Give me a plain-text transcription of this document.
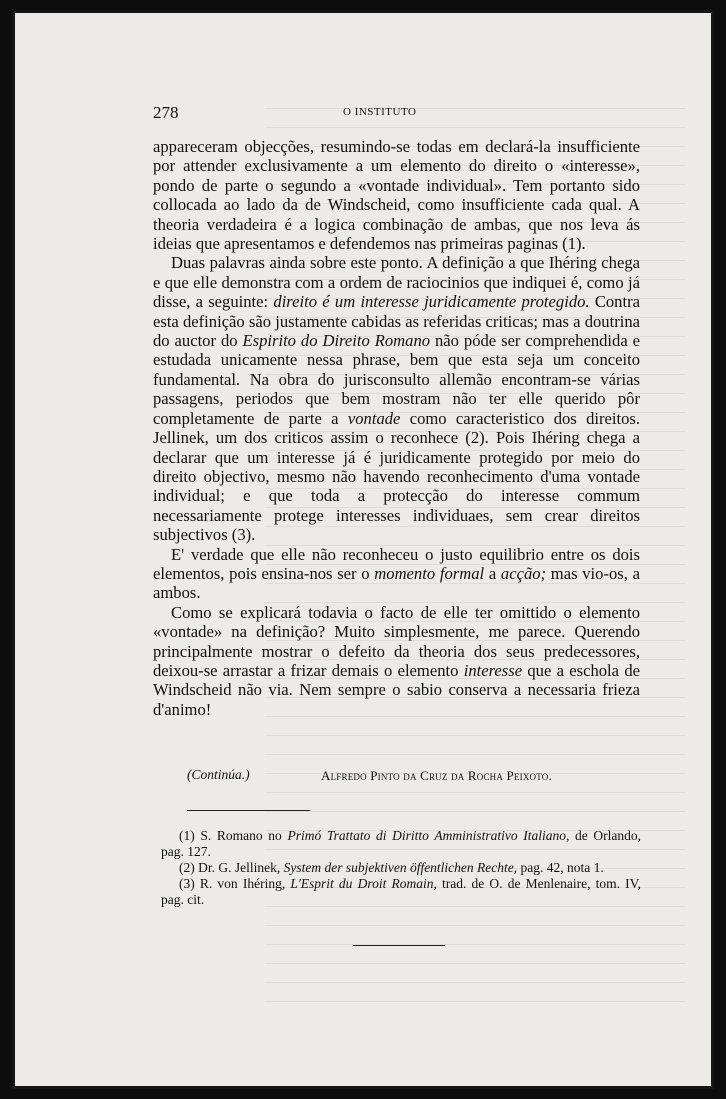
278	O INSTITUTO

appareceram objecções, resumindo-se todas em declará-la insufficiente por attender exclusivamente a um elemento do direito o «interesse», pondo de parte o segundo a «vontade individual». Tem portanto sido collocada ao lado da de Windscheid, como insufficiente cada qual. A theoria verdadeira é a logica combinação de ambas, que nos leva ás ideias que apresentamos e defendemos nas primeiras paginas (1).

Duas palavras ainda sobre este ponto. A definição a que Ihéring chega e que elle demonstra com a ordem de raciocinios que indiquei é, como já disse, a seguinte: direito é um interesse juridicamente protegido. Contra esta definição são justamente cabidas as referidas criticas; mas a doutrina do auctor do Espirito do Direito Romano não póde ser comprehendida e estudada unicamente nessa phrase, bem que esta seja um conceito fundamental. Na obra do jurisconsulto allemão encontram-se várias passagens, periodos que bem mostram não ter elle querido pôr completamente de parte a vontade como caracteristico dos direitos. Jellinek, um dos criticos assim o reconhece (2). Pois Ihéring chega a declarar que um interesse já é juridicamente protegido por meio do direito objectivo, mesmo não havendo reconhecimento d'uma vontade individual; e que toda a protecção do interesse commum necessariamente protege interesses individuaes, sem crear direitos subjectivos (3).

E' verdade que elle não reconheceu o justo equilibrio entre os dois elementos, pois ensina-nos ser o momento formal a acção; mas vio-os, a ambos.

Como se explicará todavia o facto de elle ter omittido o elemento «vontade» na definição? Muito simplesmente, me parece. Querendo principalmente mostrar o defeito da theoria dos seus predecessores, deixou-se arrastar a frizar demais o elemento interesse que a eschola de Windscheid não via. Nem sempre o sabio conserva a necessaria frieza d'animo!

(Continúa.)	Alfredo Pinto da Cruz da Rocha Peixoto.

(1) S. Romano no Primó Trattato di Diritto Amministrativo Italiano, de Orlando, pag. 127.

(2) Dr. G. Jellinek, System der subjektiven öffentlichen Rechte, pag. 42, nota 1.

(3) R. von Ihéring, L'Esprit du Droit Romain, trad. de O. de Menlenaire, tom. IV, pag. cit.
